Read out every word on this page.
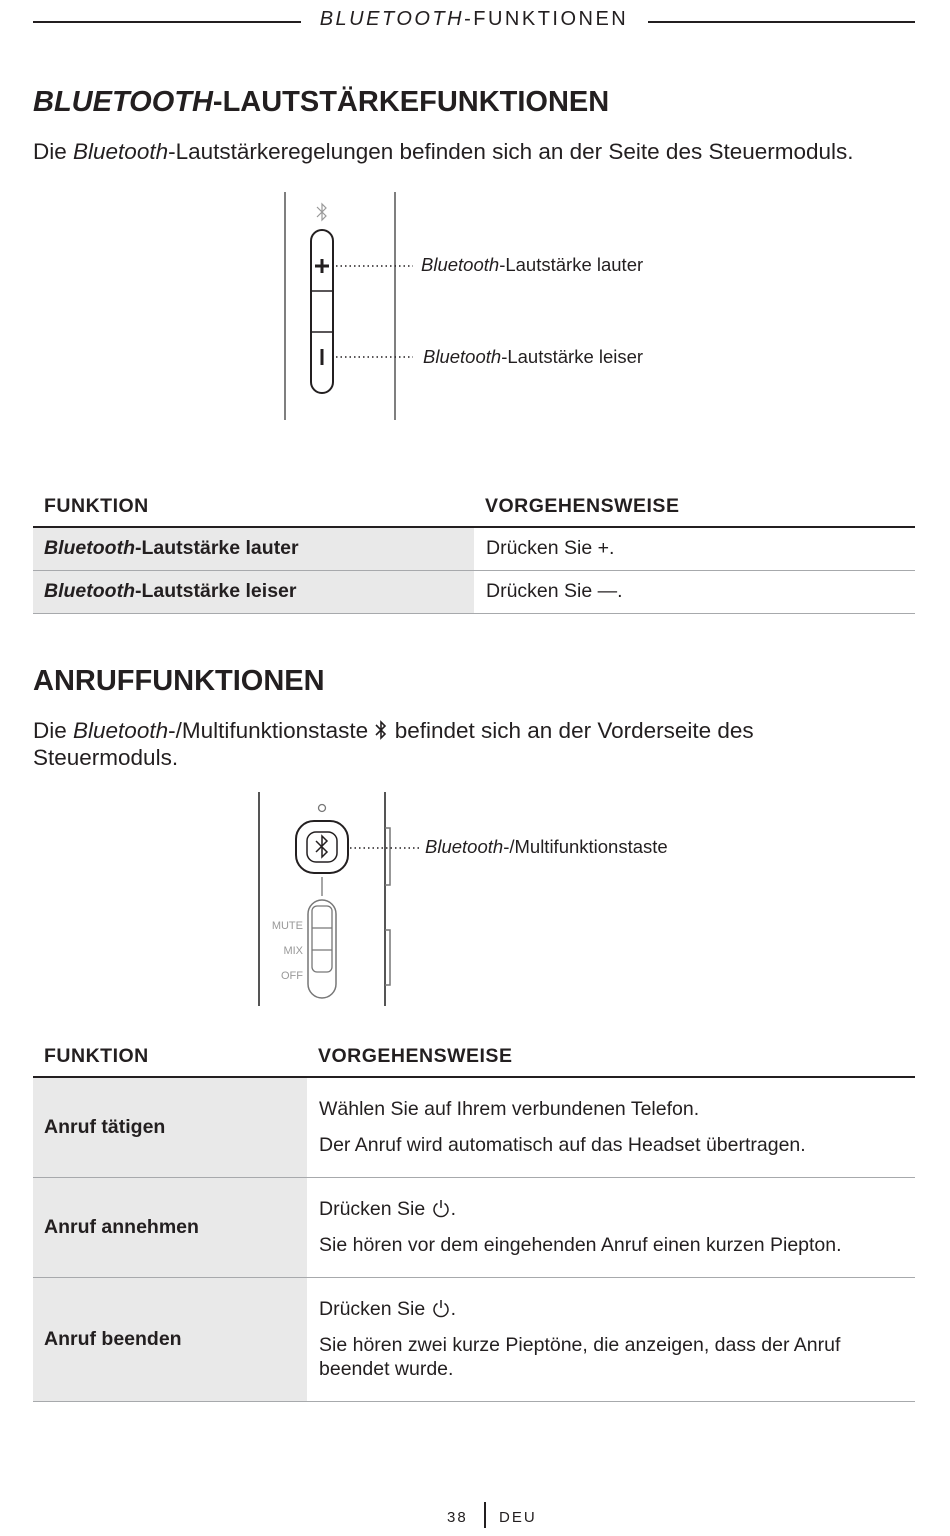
BLUETOOTH-FUNKTIONEN
BLUETOOTH-LAUTSTÄRKEFUNKTIONEN

Die Bluetooth-Lautstärkeregelungen befinden sich an der Seite des Steuermoduls.

Bluetooth-Lautstärke lauter
Bluetooth-Lautstärke leiser
FUNKTION	VORGEHENSWEISE
Bluetooth-Lautstärke lauter	Drücken Sie +.
Bluetooth-Lautstärke leiser	Drücken Sie —.
ANRUFFUNKTIONEN

Die Bluetooth-/Multifunktionstaste  befindet sich an der Vorderseite des
Steuermoduls.

MUTE
MIX
OFF
Bluetooth-/Multifunktionstaste
FUNKTION	VORGEHENSWEISE
Anruf tätigen	Wählen Sie auf Ihrem verbundenen Telefon.

Der Anruf wird automatisch auf das Headset übertragen.

Anruf annehmen	Drücken Sie .

Sie hören vor dem eingehenden Anruf einen kurzen Piepton.

Anruf beenden	Drücken Sie .

Sie hören zwei kurze Pieptöne, die anzeigen, dass der Anruf beendet wurde.

38 DEU
